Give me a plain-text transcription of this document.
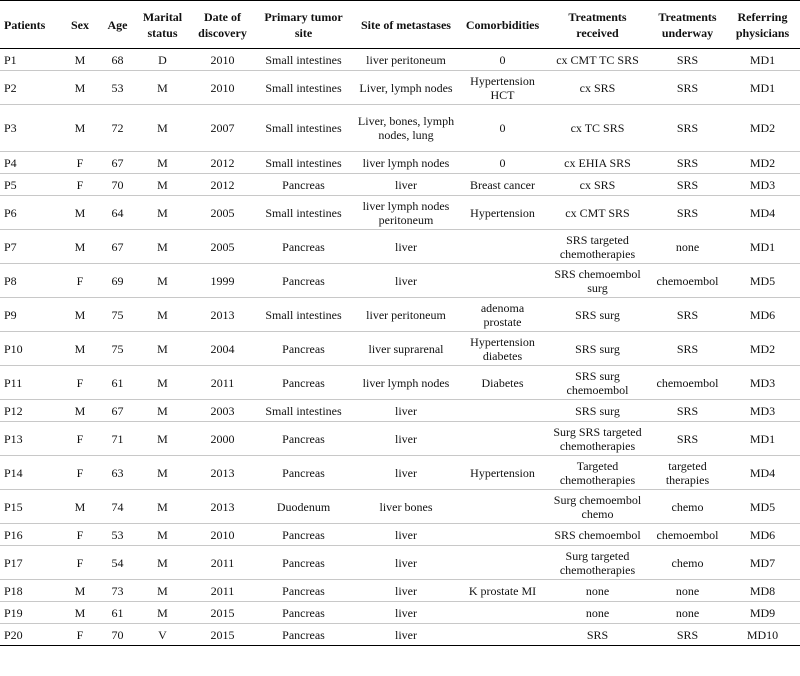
Patients	Sex	Age	Marital status	Date of discovery	Primary tumor site	Site of metastases	Comorbidities	Treatments received	Treatments underway	Referring physicians
P1	M	68	D	2010	Small intestines	liver peritoneum	0	cx CMT TC SRS	SRS	MD1
P2	M	53	M	2010	Small intestines	Liver, lymph nodes	Hypertension HCT	cx SRS	SRS	MD1
P3	M	72	M	2007	Small intestines	Liver, bones, lymph nodes, lung	0	cx TC SRS	SRS	MD2
P4	F	67	M	2012	Small intestines	liver lymph nodes	0	cx EHIA SRS	SRS	MD2
P5	F	70	M	2012	Pancreas	liver	Breast cancer	cx SRS	SRS	MD3
P6	M	64	M	2005	Small intestines	liver lymph nodes peritoneum	Hypertension	cx CMT SRS	SRS	MD4
P7	M	67	M	2005	Pancreas	liver		SRS targeted chemotherapies	none	MD1
P8	F	69	M	1999	Pancreas	liver		SRS chemoembol surg	chemoembol	MD5
P9	M	75	M	2013	Small intestines	liver peritoneum	adenoma prostate	SRS surg	SRS	MD6
P10	M	75	M	2004	Pancreas	liver suprarenal	Hypertension diabetes	SRS surg	SRS	MD2
P11	F	61	M	2011	Pancreas	liver lymph nodes	Diabetes	SRS surg chemoembol	chemoembol	MD3
P12	M	67	M	2003	Small intestines	liver		SRS surg	SRS	MD3
P13	F	71	M	2000	Pancreas	liver		Surg SRS targeted chemotherapies	SRS	MD1
P14	F	63	M	2013	Pancreas	liver	Hypertension	Targeted chemotherapies	targeted therapies	MD4
P15	M	74	M	2013	Duodenum	liver bones		Surg chemoembol chemo	chemo	MD5
P16	F	53	M	2010	Pancreas	liver		SRS chemoembol	chemoembol	MD6
P17	F	54	M	2011	Pancreas	liver		Surg targeted chemotherapies	chemo	MD7
P18	M	73	M	2011	Pancreas	liver	K prostate MI	none	none	MD8
P19	M	61	M	2015	Pancreas	liver		none	none	MD9
P20	F	70	V	2015	Pancreas	liver		SRS	SRS	MD10
